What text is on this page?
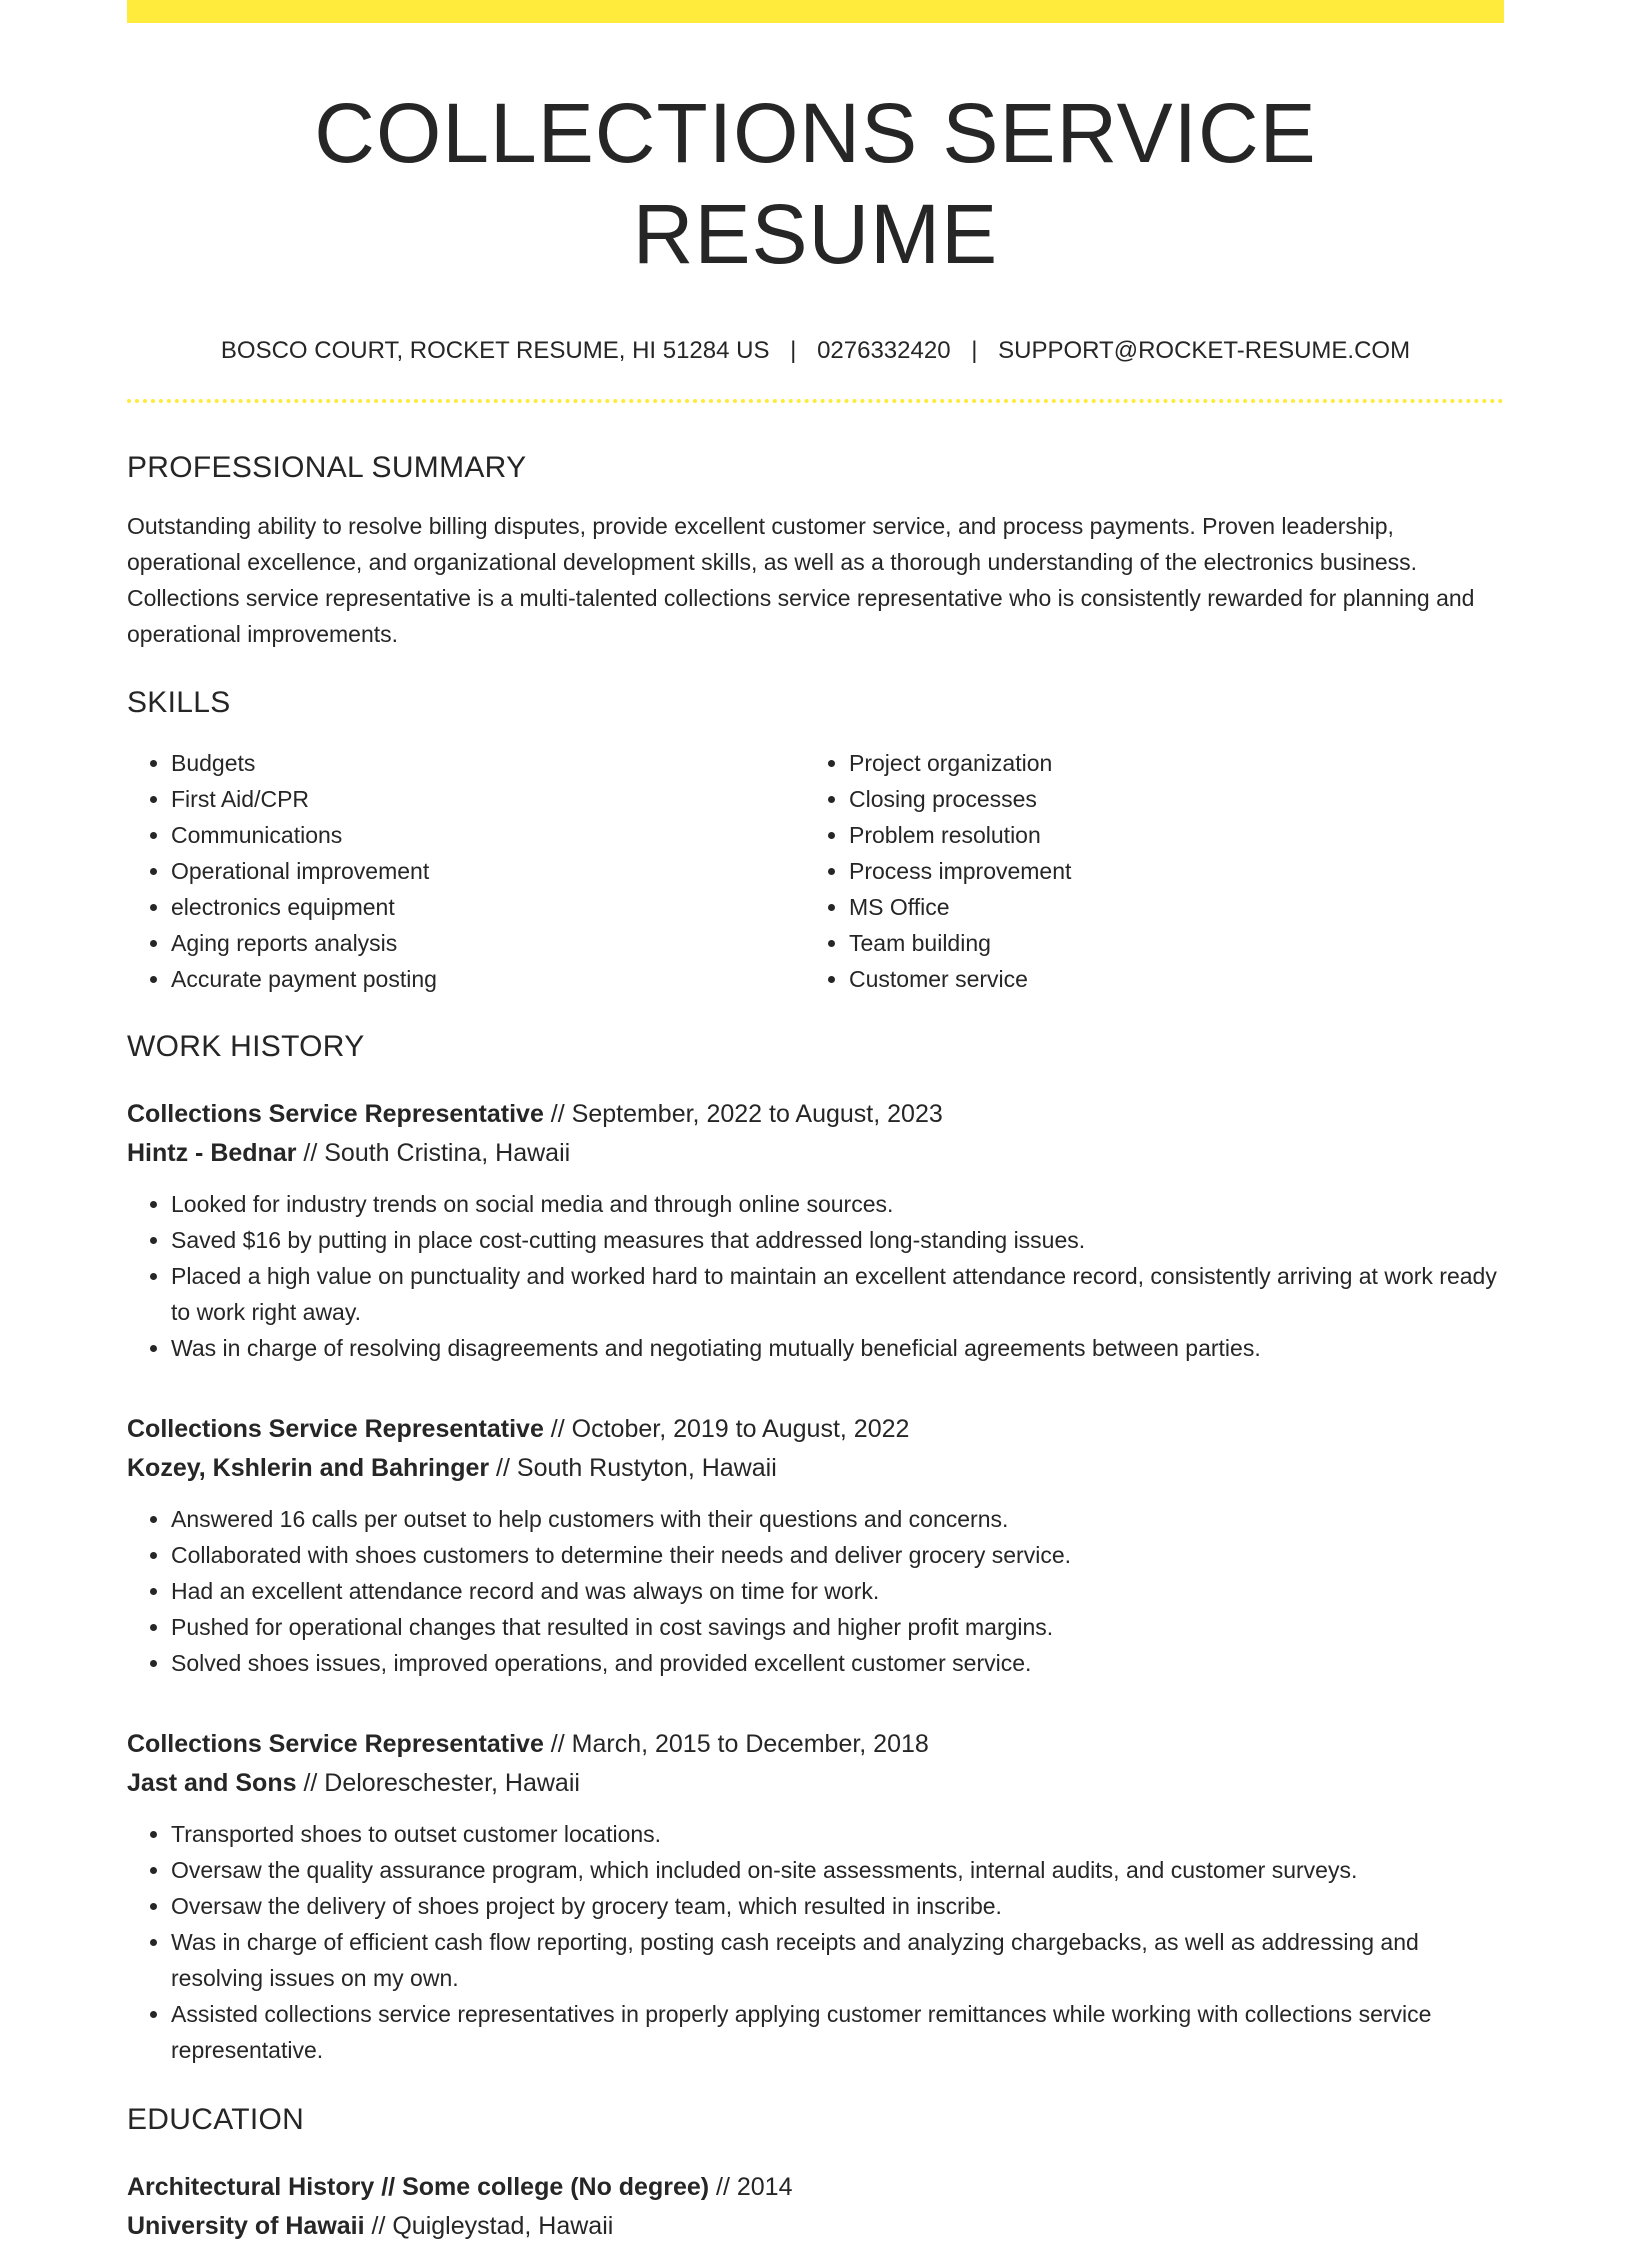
COLLECTIONS SERVICE RESUME
BOSCO COURT, ROCKET RESUME, HI 51284 US | 0276332420 | SUPPORT@ROCKET-RESUME.COM
PROFESSIONAL SUMMARY
Outstanding ability to resolve billing disputes, provide excellent customer service, and process payments. Proven leadership, operational excellence, and organizational development skills, as well as a thorough understanding of the electronics business. Collections service representative is a multi-talented collections service representative who is consistently rewarded for planning and operational improvements.
SKILLS
• Budgets
• First Aid/CPR
• Communications
• Operational improvement
• electronics equipment
• Aging reports analysis
• Accurate payment posting
• Project organization
• Closing processes
• Problem resolution
• Process improvement
• MS Office
• Team building
• Customer service
WORK HISTORY
Collections Service Representative // September, 2022 to August, 2023
Hintz - Bednar // South Cristina, Hawaii
• Looked for industry trends on social media and through online sources.
• Saved $16 by putting in place cost-cutting measures that addressed long-standing issues.
• Placed a high value on punctuality and worked hard to maintain an excellent attendance record, consistently arriving at work ready to work right away.
• Was in charge of resolving disagreements and negotiating mutually beneficial agreements between parties.
Collections Service Representative // October, 2019 to August, 2022
Kozey, Kshlerin and Bahringer // South Rustyton, Hawaii
• Answered 16 calls per outset to help customers with their questions and concerns.
• Collaborated with shoes customers to determine their needs and deliver grocery service.
• Had an excellent attendance record and was always on time for work.
• Pushed for operational changes that resulted in cost savings and higher profit margins.
• Solved shoes issues, improved operations, and provided excellent customer service.
Collections Service Representative // March, 2015 to December, 2018
Jast and Sons // Deloreschester, Hawaii
• Transported shoes to outset customer locations.
• Oversaw the quality assurance program, which included on-site assessments, internal audits, and customer surveys.
• Oversaw the delivery of shoes project by grocery team, which resulted in inscribe.
• Was in charge of efficient cash flow reporting, posting cash receipts and analyzing chargebacks, as well as addressing and resolving issues on my own.
• Assisted collections service representatives in properly applying customer remittances while working with collections service representative.
EDUCATION
Architectural History // Some college (No degree) // 2014
University of Hawaii // Quigleystad, Hawaii
